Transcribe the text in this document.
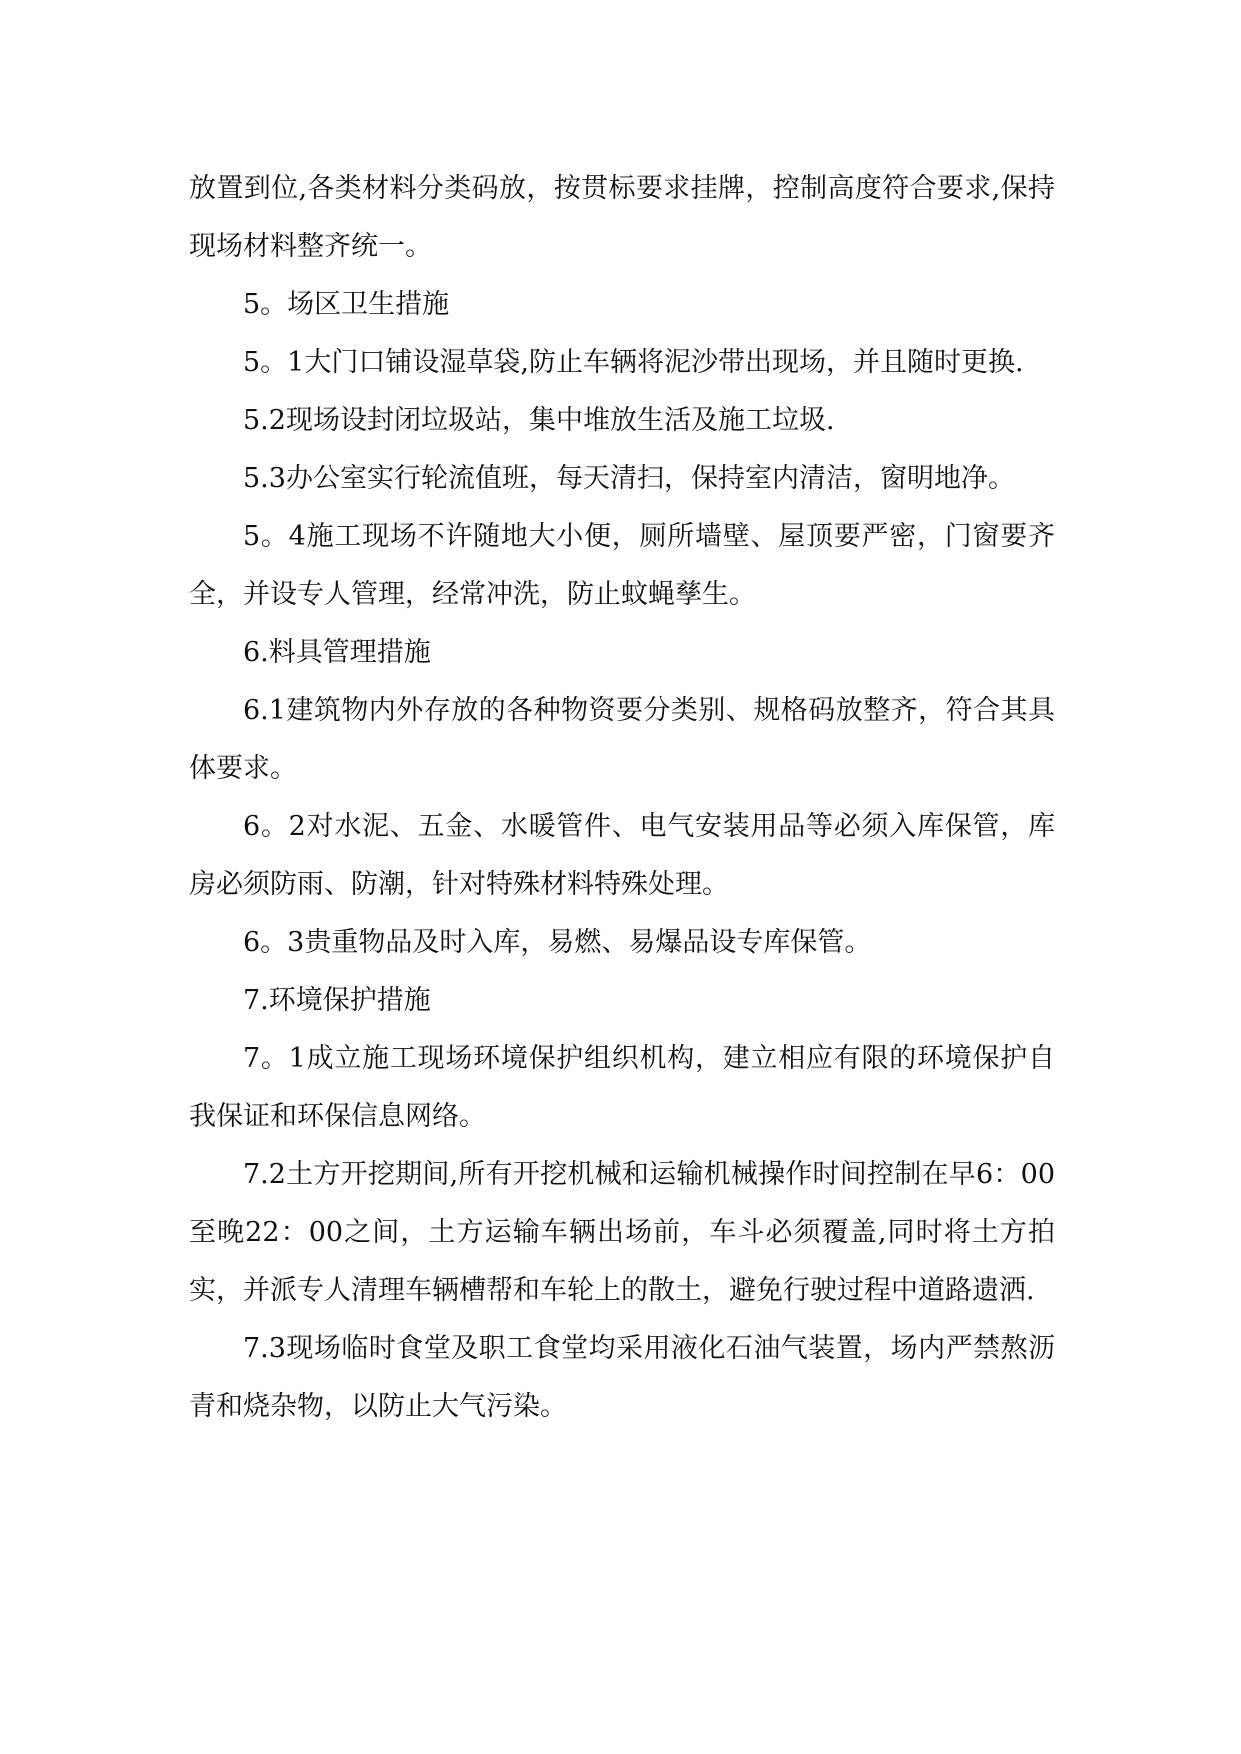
放置到位,各类材料分类码放，按贯标要求挂牌，控制高度符合要求,保持现场材料整齐统一。

5。场区卫生措施

5。1大门口铺设湿草袋,防止车辆将泥沙带出现场，并且随时更换.

5.2现场设封闭垃圾站，集中堆放生活及施工垃圾.

5.3办公室实行轮流值班，每天清扫，保持室内清洁，窗明地净。

5。4施工现场不许随地大小便，厕所墙壁、屋顶要严密，门窗要齐全，并设专人管理，经常冲洗，防止蚊蝇孳生。

6.料具管理措施

6.1建筑物内外存放的各种物资要分类别、规格码放整齐，符合其具体要求。

6。2对水泥、五金、水暖管件、电气安装用品等必须入库保管，库房必须防雨、防潮，针对特殊材料特殊处理。

6。3贵重物品及时入库，易燃、易爆品设专库保管。

7.环境保护措施

7。1成立施工现场环境保护组织机构，建立相应有限的环境保护自我保证和环保信息网络。

7.2土方开挖期间,所有开挖机械和运输机械操作时间控制在早6：00至晚22：00之间，土方运输车辆出场前，车斗必须覆盖,同时将土方拍实，并派专人清理车辆槽帮和车轮上的散土，避免行驶过程中道路遗洒.

7.3现场临时食堂及职工食堂均采用液化石油气装置，场内严禁熬沥青和烧杂物，以防止大气污染。
